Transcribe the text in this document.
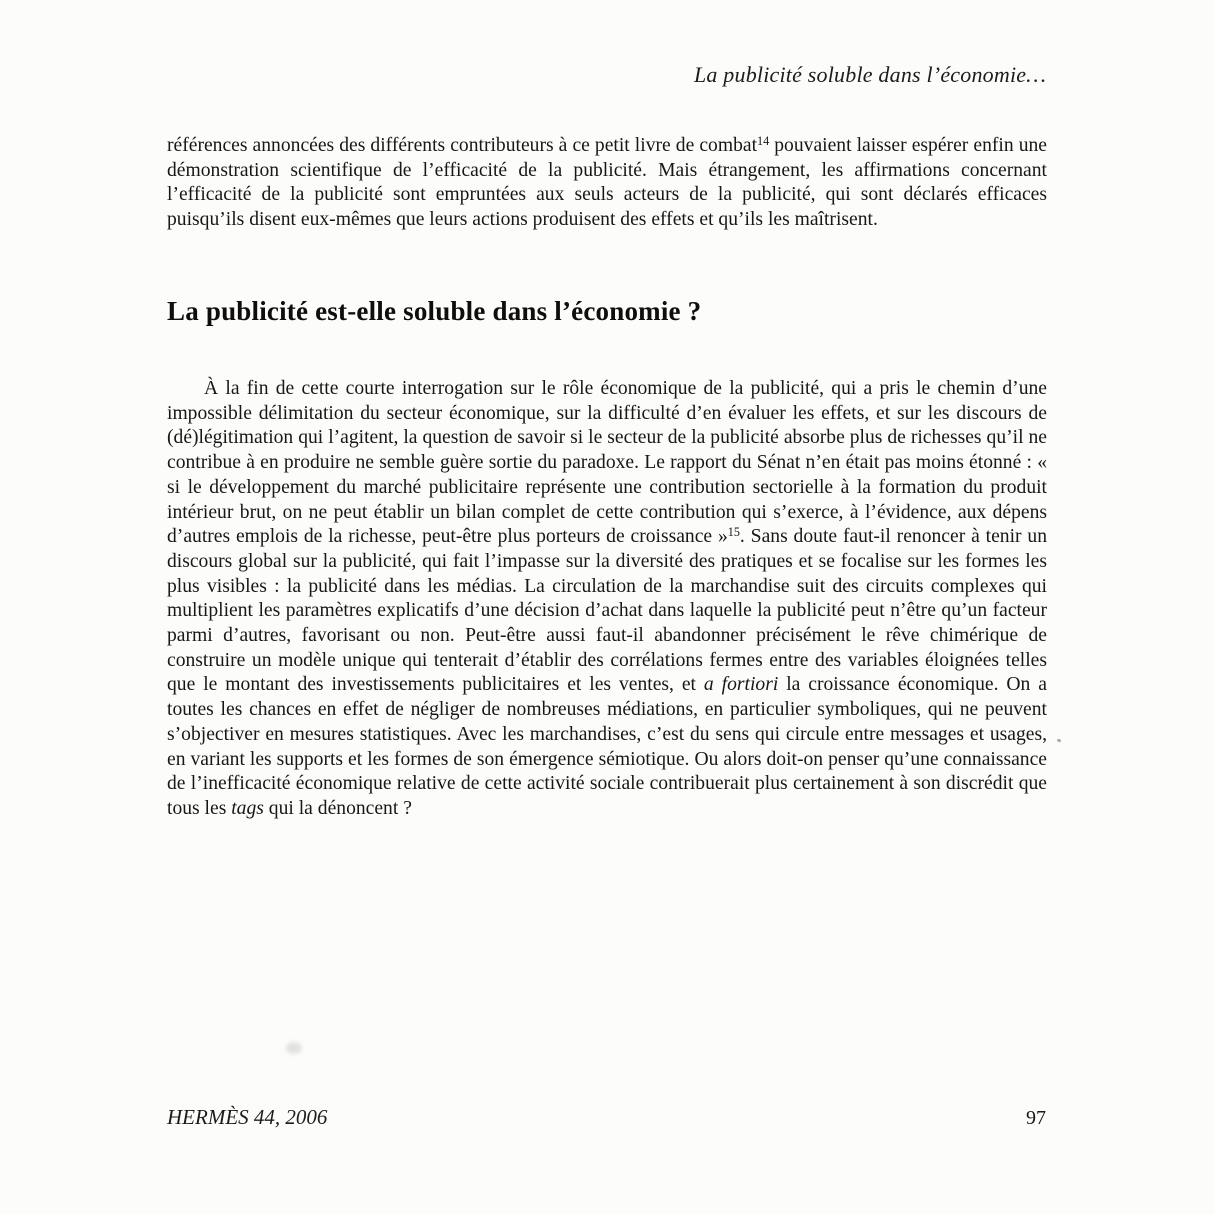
La publicité soluble dans l’économie…

références annoncées des différents contributeurs à ce petit livre de combat$^{14}$ pouvaient laisser espérer enfin une démonstration scientifique de l’efficacité de la publicité. Mais étrangement, les affirmations concernant l’efficacité de la publicité sont empruntées aux seuls acteurs de la publicité, qui sont déclarés efficaces puisqu’ils disent eux-mêmes que leurs actions produisent des effets et qu’ils les maîtrisent.

La publicité est-elle soluble dans l’économie ?

À la fin de cette courte interrogation sur le rôle économique de la publicité, qui a pris le chemin d’une impossible délimitation du secteur économique, sur la difficulté d’en évaluer les effets, et sur les discours de (dé)légitimation qui l’agitent, la question de savoir si le secteur de la publicité absorbe plus de richesses qu’il ne contribue à en produire ne semble guère sortie du paradoxe. Le rapport du Sénat n’en était pas moins étonné : « si le développement du marché publicitaire représente une contribution sectorielle à la formation du produit intérieur brut, on ne peut établir un bilan complet de cette contribution qui s’exerce, à l’évidence, aux dépens d’autres emplois de la richesse, peut-être plus porteurs de croissance »$^{15}$. Sans doute faut-il renoncer à tenir un discours global sur la publicité, qui fait l’impasse sur la diversité des pratiques et se focalise sur les formes les plus visibles : la publicité dans les médias. La circulation de la marchandise suit des circuits complexes qui multiplient les paramètres explicatifs d’une décision d’achat dans laquelle la publicité peut n’être qu’un facteur parmi d’autres, favorisant ou non. Peut-être aussi faut-il abandonner précisément le rêve chimérique de construire un modèle unique qui tenterait d’établir des corrélations fermes entre des variables éloignées telles que le montant des investissements publicitaires et les ventes, et a fortiori la croissance économique. On a toutes les chances en effet de négliger de nombreuses médiations, en particulier symboliques, qui ne peuvent s’objectiver en mesures statistiques. Avec les marchandises, c’est du sens qui circule entre messages et usages, en variant les supports et les formes de son émergence sémiotique. Ou alors doit-on penser qu’une connaissance de l’inefficacité économique relative de cette activité sociale contribuerait plus certainement à son discrédit que tous les tags qui la dénoncent ?

HERMÈS 44, 2006	97
